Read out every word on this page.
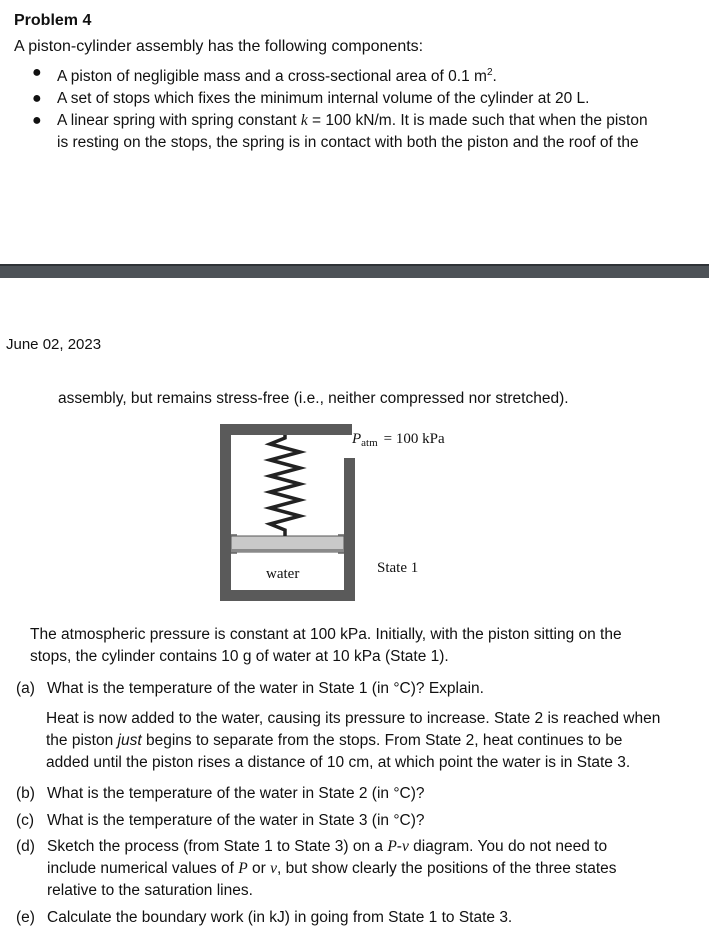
Problem 4
A piston-cylinder assembly has the following components:
● A piston of negligible mass and a cross-sectional area of 0.1 $m^2$.
● A set of stops which fixes the minimum internal volume of the cylinder at 20 L.
● A linear spring with spring constant k = 100 kN/m. It is made such that when the piston
is resting on the stops, the spring is in contact with both the piston and the roof of the
June 02, 2023
assembly, but remains stress-free (i.e., neither compressed nor stretched).
$P_{atm} = 100$ kPa
water	State 1
The atmospheric pressure is constant at 100 kPa. Initially, with the piston sitting on the
stops, the cylinder contains 10 g of water at 10 kPa (State 1).
(a) What is the temperature of the water in State 1 (in °C)? Explain.
Heat is now added to the water, causing its pressure to increase. State 2 is reached when
the piston just begins to separate from the stops. From State 2, heat continues to be
added until the piston rises a distance of 10 cm, at which point the water is in State 3.
(b) What is the temperature of the water in State 2 (in °C)?
(c) What is the temperature of the water in State 3 (in °C)?
(d) Sketch the process (from State 1 to State 3) on a P-v diagram. You do not need to
include numerical values of P or v, but show clearly the positions of the three states
relative to the saturation lines.
(e) Calculate the boundary work (in kJ) in going from State 1 to State 3.
